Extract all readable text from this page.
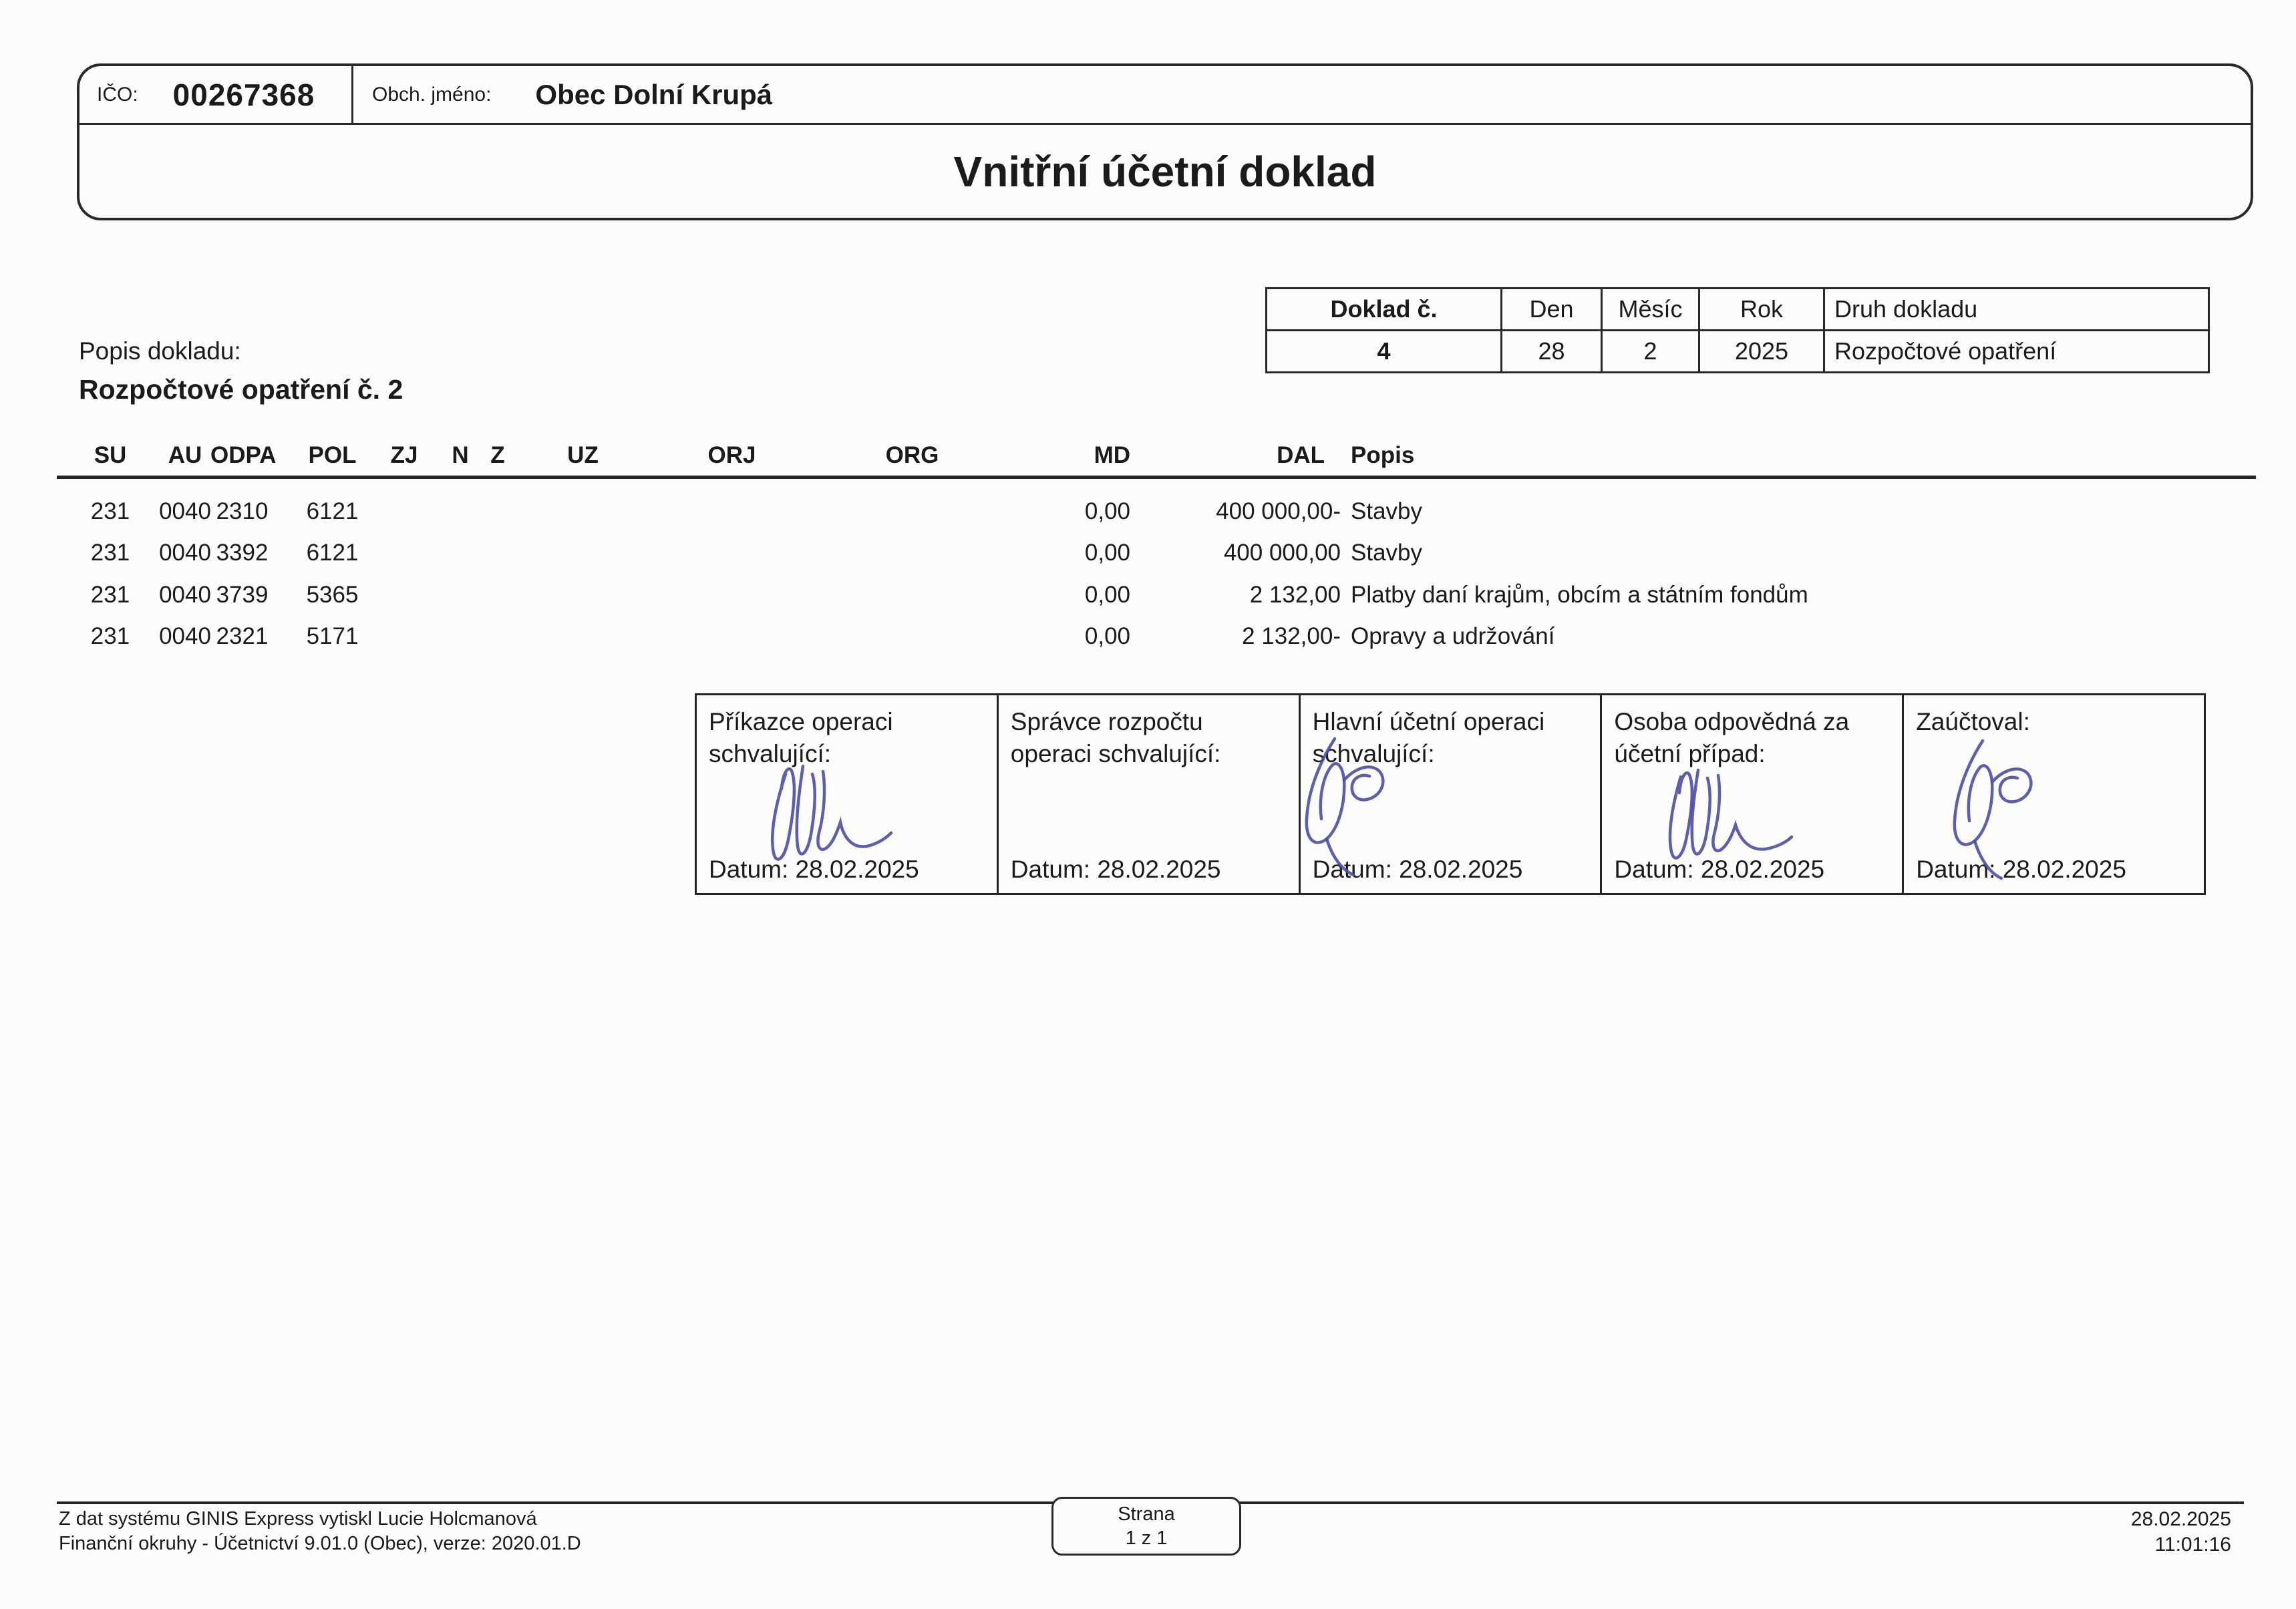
IČO: 00267368	Obch. jméno: Obec Dolní Krupá
Vnitřní účetní doklad
Doklad č.	Den	Měsíc	Rok	Druh dokladu
4	28	2	2025	Rozpočtové opatření
Popis dokladu:
Rozpočtové opatření č. 2
SU	AU ODPA	POL	ZJ	N Z	UZ	ORJ	ORG	MD	DAL	Popis
231	0040 2310 6121	0,00	400 000,00- Stavby
231	0040 3392 6121	0,00	400 000,00 Stavby
231	0040 3739 5365	0,00	2 132,00 Platby daní krajům, obcím a státním fondům
231	0040 2321 5171	0,00	2 132,00- Opravy a udržování
Příkazce operaci
schvalující:
Datum: 28.02.2025
Správce rozpočtu
operaci schvalující:
Datum: 28.02.2025
Hlavní účetní operaci
schvalující:
Datum: 28.02.2025
Osoba odpovědná za
účetní případ:
Datum: 28.02.2025
Zaúčtoval:
Datum: 28.02.2025
Z dat systému GINIS Express vytiskl Lucie Holcmanová
Finanční okruhy - Účetnictví 9.01.0 (Obec), verze: 2020.01.D
Strana
1 z 1
28.02.2025
11:01:16
